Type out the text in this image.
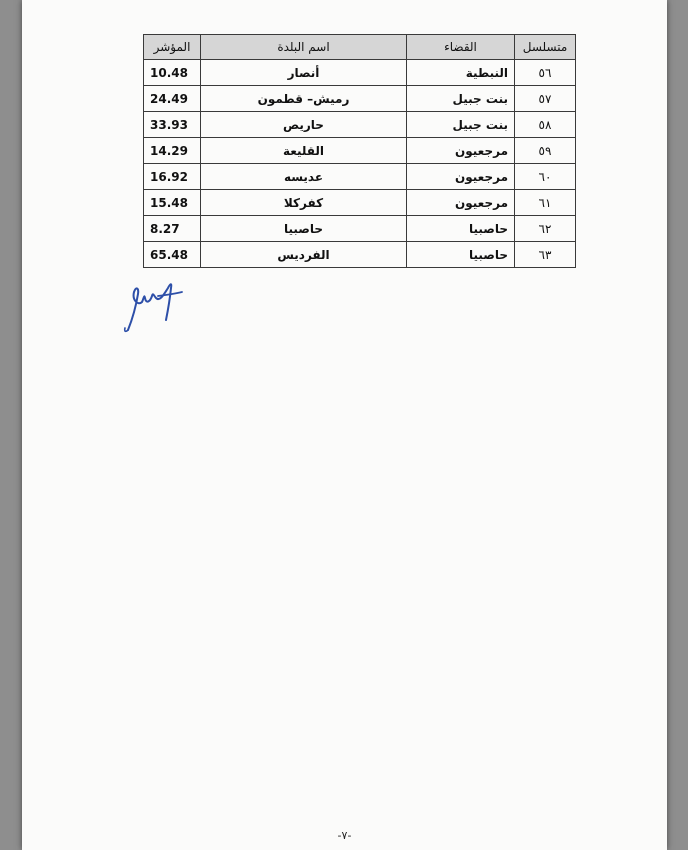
متسلسل	القضاء	اسم البلدة	المؤشر
٥٦	النبطية	أنصار	10.48
٥٧	بنت جبيل	رميش– قطمون	24.49
٥٨	بنت جبيل	حاريص	33.93
٥٩	مرجعيون	القليعة	14.29
٦٠	مرجعيون	عديسه	16.92
٦١	مرجعيون	كفركلا	15.48
٦٢	حاصبيا	حاصبيا	8.27
٦٣	حاصبيا	الفرديس	65.48
-٧-
